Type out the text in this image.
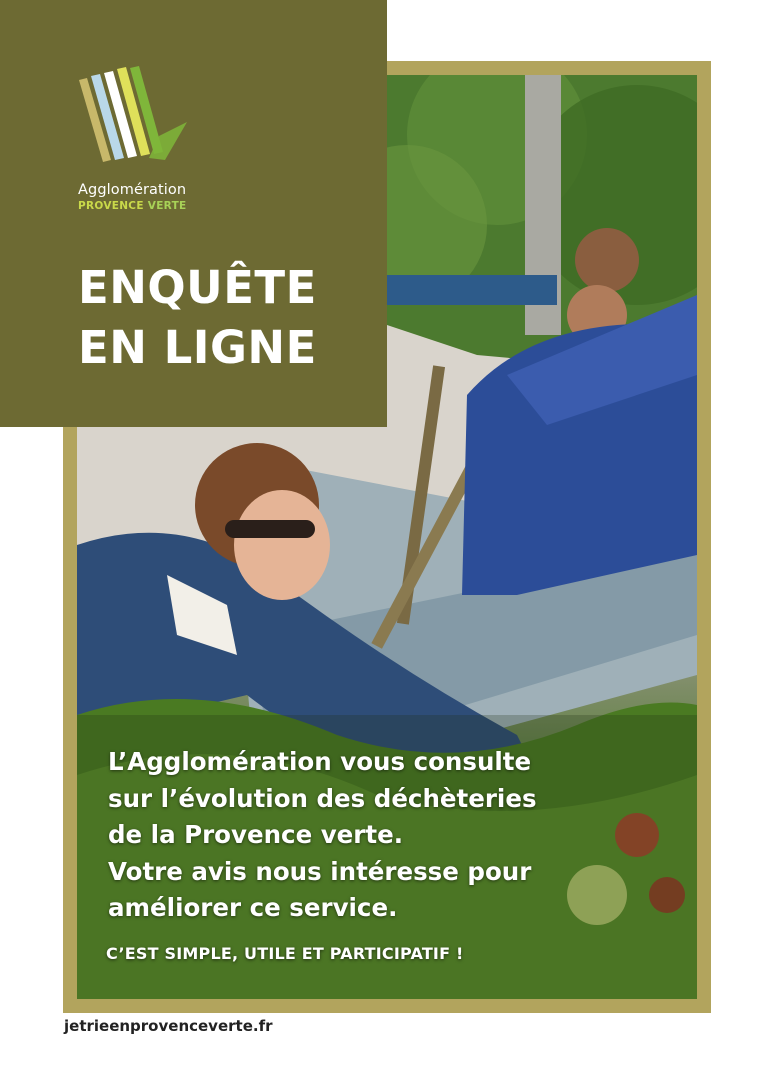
Agglomération
PROVENCE VERTE
ENQUÊTE
EN LIGNE
L’Agglomération vous consulte
sur l’évolution des déchèteries
de la Provence verte.
Votre avis nous intéresse pour
améliorer ce service.
C’EST SIMPLE, UTILE ET PARTICIPATIF !
jetrieenprovenceverte.fr
